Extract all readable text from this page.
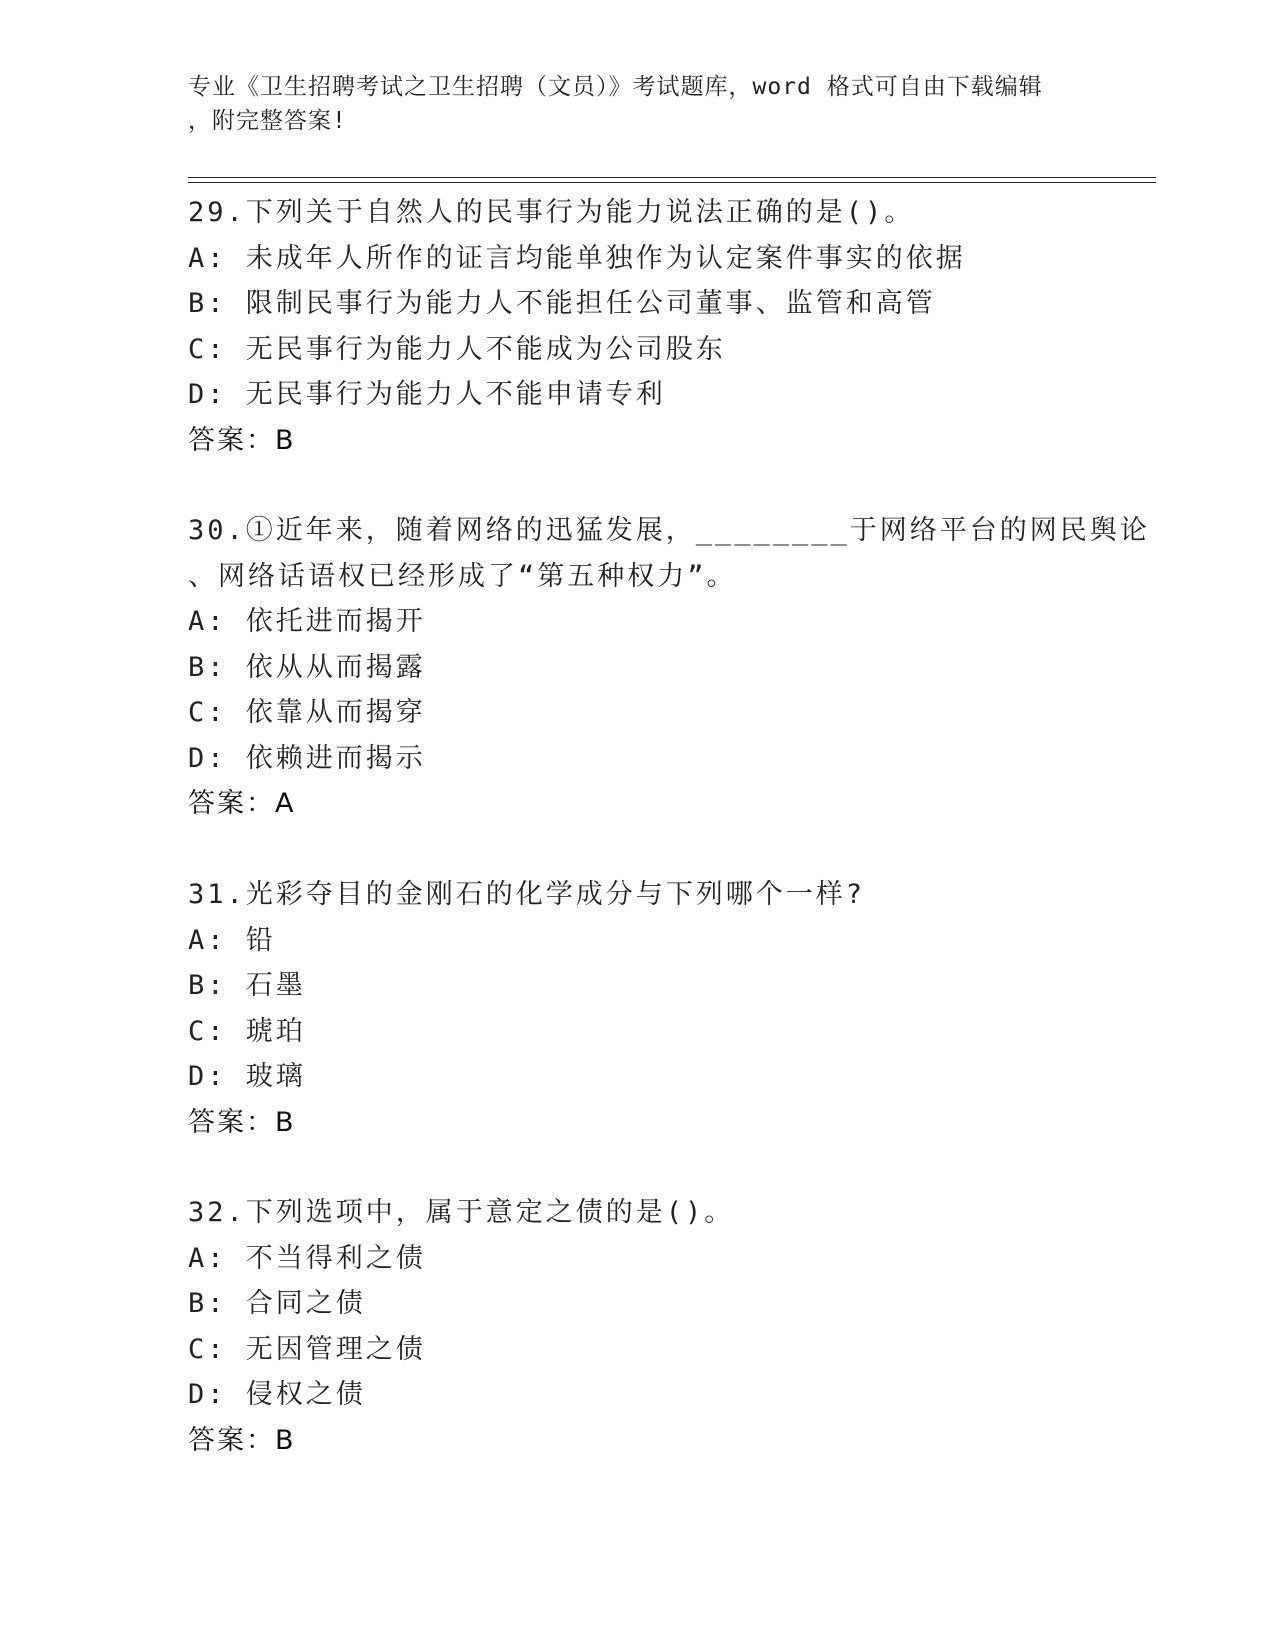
专业《卫生招聘考试之卫生招聘（文员）》考试题库，word 格式可自由下载编辑
，附完整答案!
29.下列关于自然人的民事行为能力说法正确的是()。
A: 未成年人所作的证言均能单独作为认定案件事实的依据
B: 限制民事行为能力人不能担任公司董事、监管和高管
C: 无民事行为能力人不能成为公司股东
D: 无民事行为能力人不能申请专利
答案：B
30.①近年来，随着网络的迅猛发展，________于网络平台的网民舆论
、网络话语权已经形成了“第五种权力”。
A: 依托进而揭开
B: 依从从而揭露
C: 依靠从而揭穿
D: 依赖进而揭示
答案：A
31.光彩夺目的金刚石的化学成分与下列哪个一样?
A: 铅
B: 石墨
C: 琥珀
D: 玻璃
答案：B
32.下列选项中，属于意定之债的是()。
A: 不当得利之债
B: 合同之债
C: 无因管理之债
D: 侵权之债
答案：B
